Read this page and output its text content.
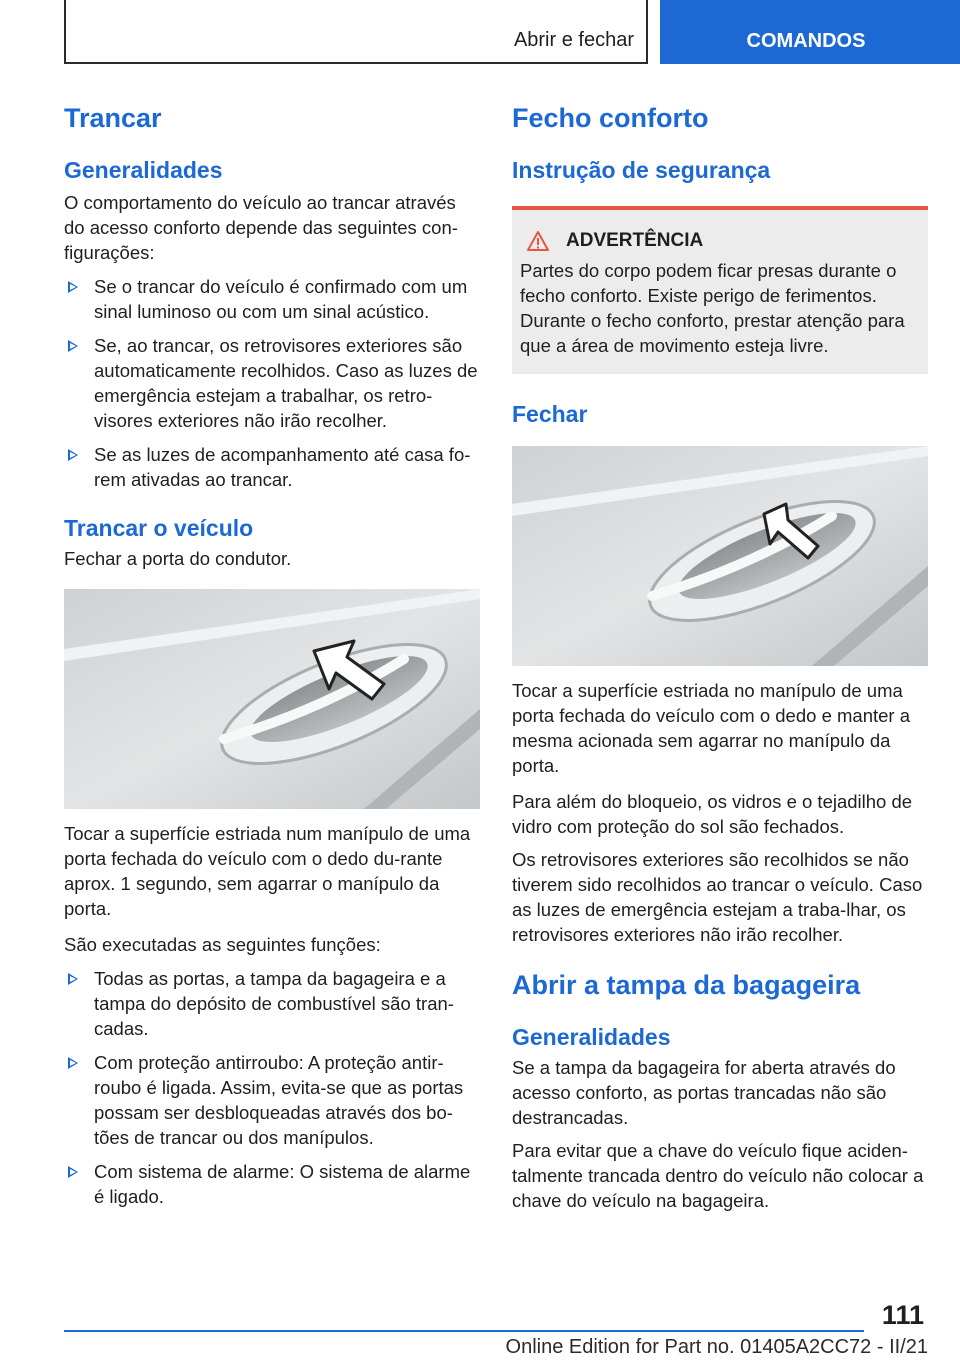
Abrir e fechar	COMANDOS
Trancar
Generalidades

O comportamento do veículo ao trancar através do acesso conforto depende das seguintes con‐figurações:

Se o trancar do veículo é confirmado com um sinal luminoso ou com um sinal acústico.
Se, ao trancar, os retrovisores exteriores são automaticamente recolhidos. Caso as luzes de emergência estejam a trabalhar, os retro‐visores exteriores não irão recolher.
Se as luzes de acompanhamento até casa fo‐rem ativadas ao trancar.
Trancar o veículo

Fechar a porta do condutor.

Tocar a superfície estriada num manípulo de uma porta fechada do veículo com o dedo du‐rante aprox. 1 segundo, sem agarrar o manípulo da porta.

São executadas as seguintes funções:

Todas as portas, a tampa da bagageira e a tampa do depósito de combustível são tran‐cadas.
Com proteção antirroubo: A proteção antir‐roubo é ligada. Assim, evita-se que as portas possam ser desbloqueadas através dos bo‐tões de trancar ou dos manípulos.
Com sistema de alarme: O sistema de alarme é ligado.
Fecho conforto
Instrução de segurança
ADVERTÊNCIA

Partes do corpo podem ficar presas durante o fecho conforto. Existe perigo de ferimentos. Durante o fecho conforto, prestar atenção para que a área de movimento esteja livre.

Fechar

Tocar a superfície estriada no manípulo de uma porta fechada do veículo com o dedo e manter a mesma acionada sem agarrar no manípulo da porta.

Para além do bloqueio, os vidros e o tejadilho de vidro com proteção do sol são fechados.

Os retrovisores exteriores são recolhidos se não tiverem sido recolhidos ao trancar o veículo. Caso as luzes de emergência estejam a traba‐lhar, os retrovisores exteriores não irão recolher.

Abrir a tampa da bagageira
Generalidades

Se a tampa da bagageira for aberta através do acesso conforto, as portas trancadas não são destrancadas.

Para evitar que a chave do veículo fique aciden‐talmente trancada dentro do veículo não colocar a chave do veículo na bagageira.

111
Online Edition for Part no. 01405A2CC72 - II/21
